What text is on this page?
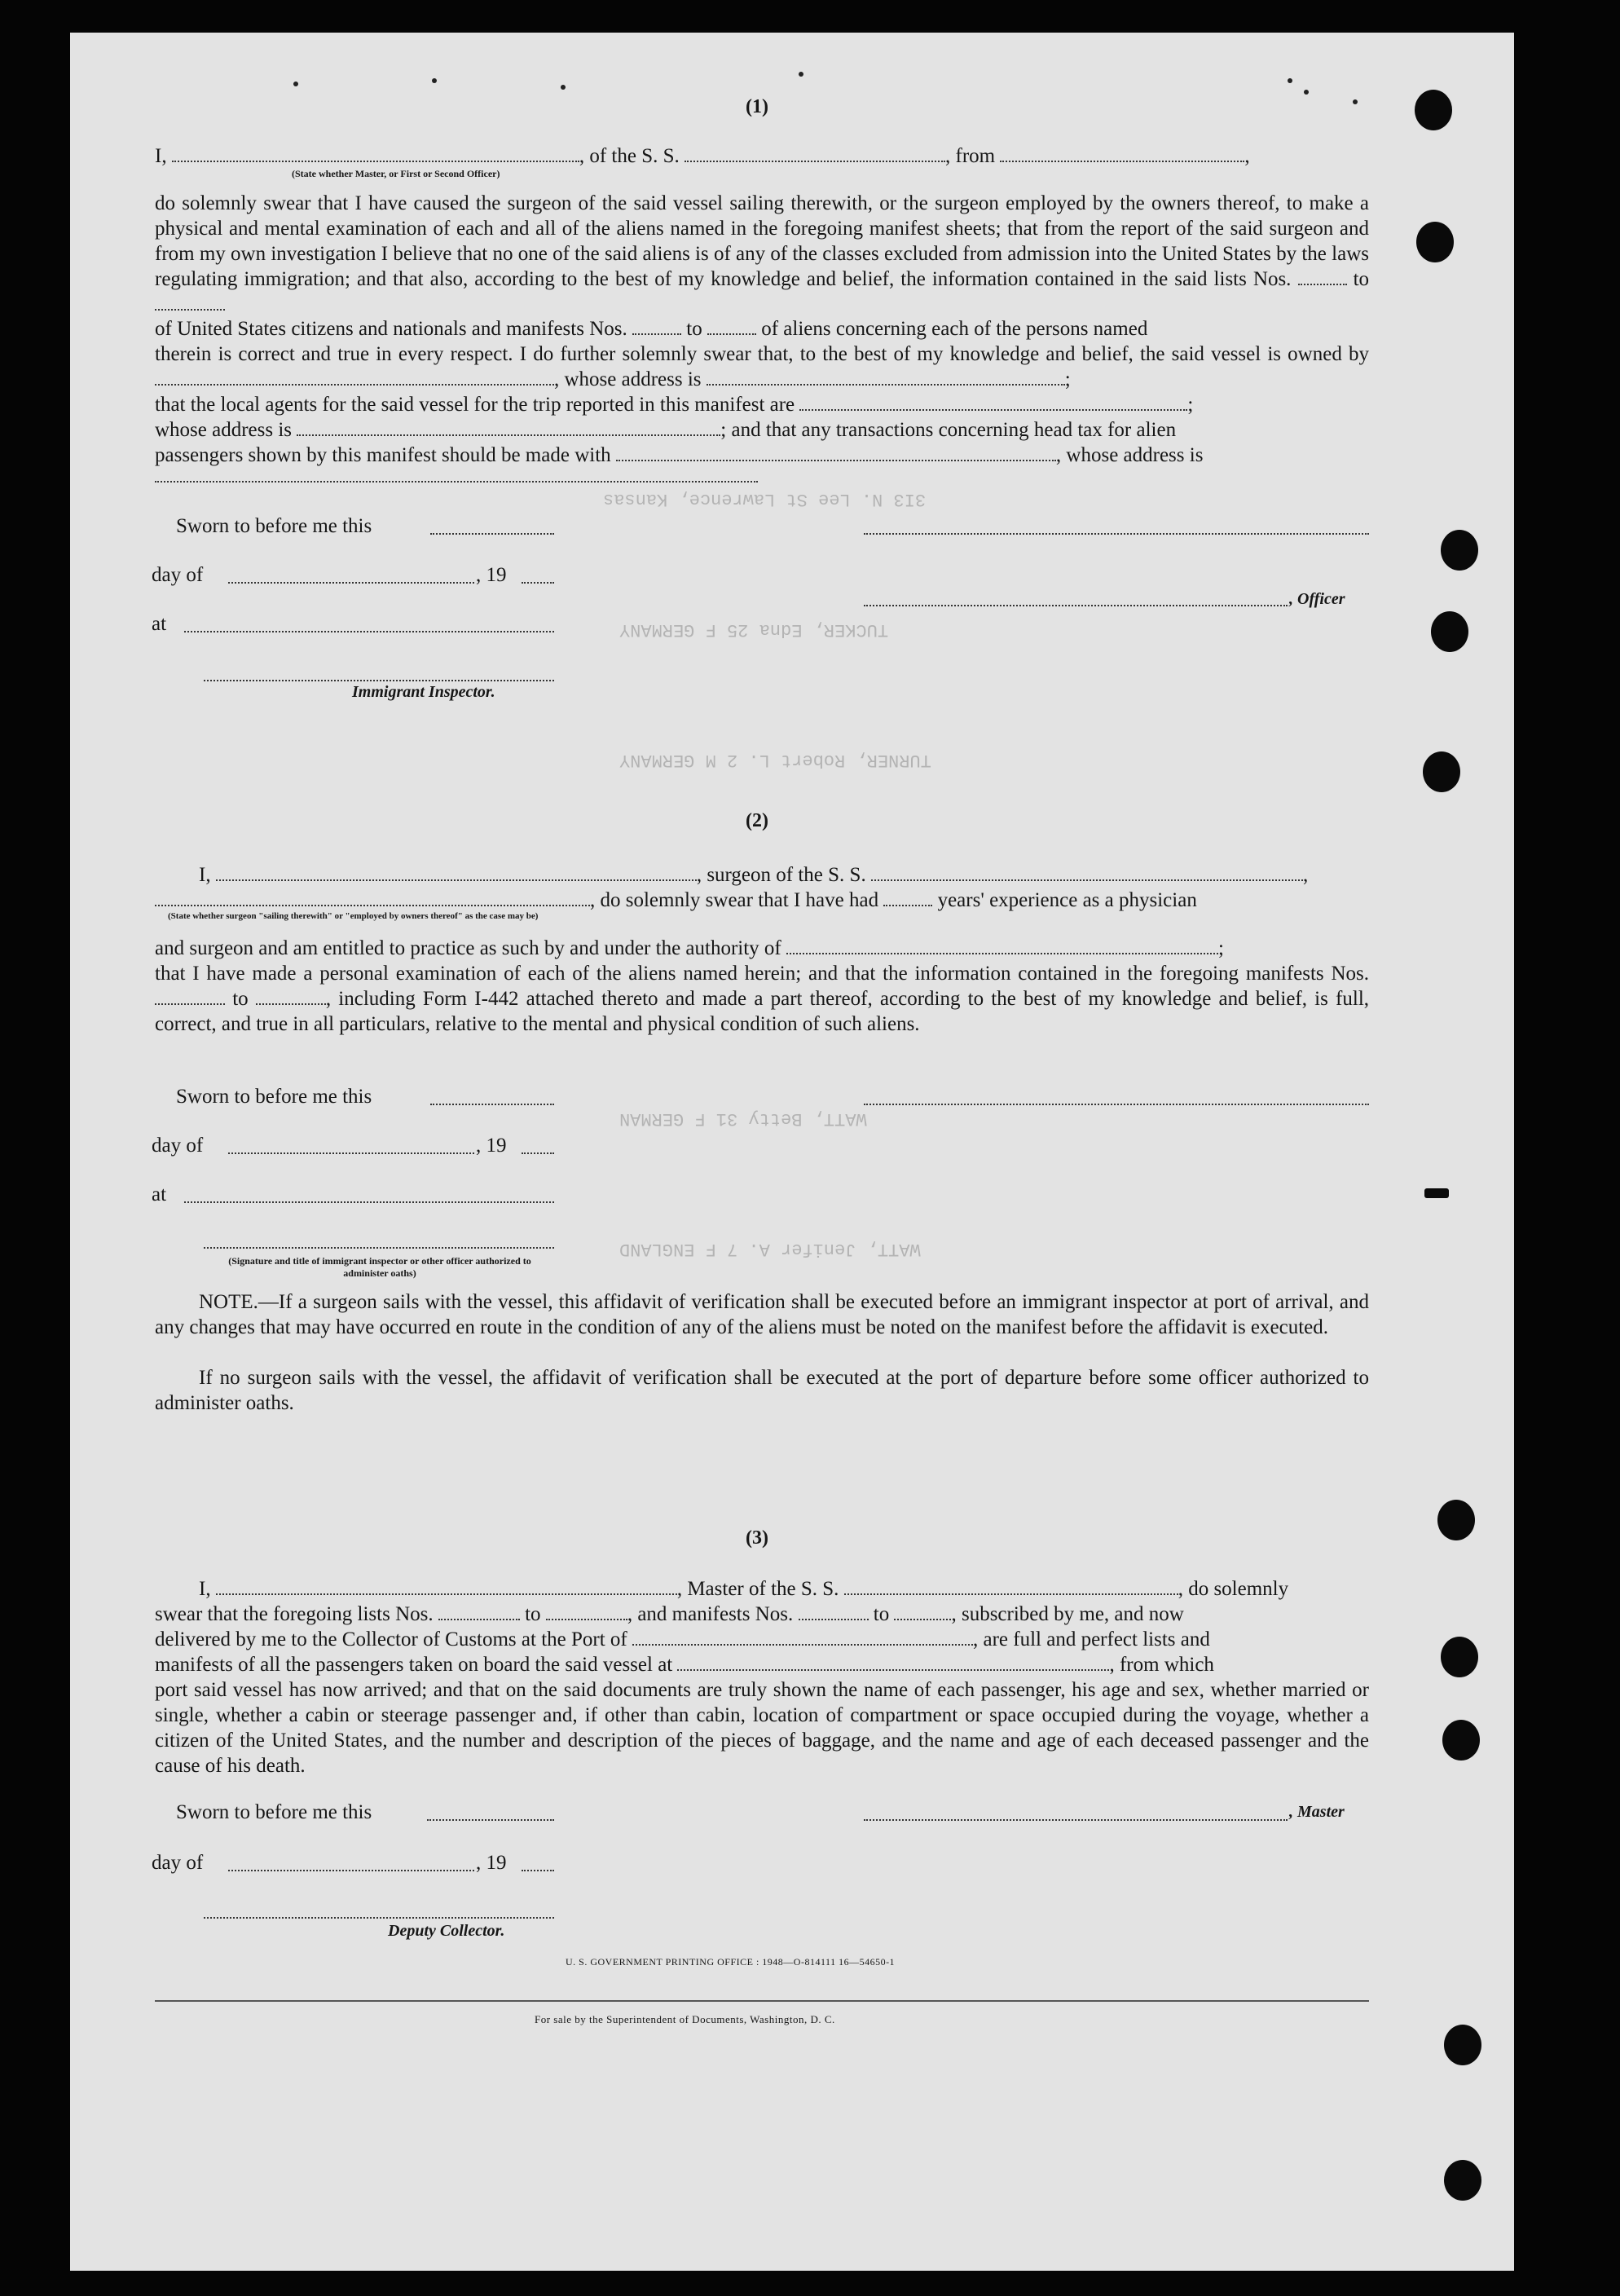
3I3 N. Lee St Lawrence, Kansas
TUCKER, Edna 25 F GERMANY
TURNER, Robert L. 2 M GERMANY
WATT, Betty 31 F GERMAN
WATT, Jenifer A. 7 F ENGLAND
(1)
I,	, of the S. S.	, from	,
(State whether Master, or First or Second Officer)
do solemnly swear that I have caused the surgeon of the said vessel sailing therewith, or the surgeon employed by the owners thereof, to make a physical and mental examination of each and all of the aliens named in the foregoing manifest sheets; that from the report of the said surgeon and from my own investigation I believe that no one of the said aliens is of any of the classes excluded from admission into the United States by the laws regulating immigration; and that also, according to the best of my knowledge and belief, the information contained in the said lists Nos.	to
of United States citizens and nationals and manifests Nos.	to	of aliens concerning each of the persons named
therein is correct and true in every respect. I do further solemnly swear that, to the best of my knowledge and belief, the said vessel is owned by , whose address is	;
that the local agents for the said vessel for the trip reported in this manifest are	;
whose address is	; and that any transactions concerning head tax for alien
passengers shown by this manifest should be made with	, whose address is
Sworn to before me this
day of	, 19
, Officer
at
Immigrant Inspector.
(2)
I,	, surgeon of the S. S.	,
, do solemnly swear that I have had	years' experience as a physician
(State whether surgeon "sailing therewith" or "employed by owners thereof" as the case may be)
and surgeon and am entitled to practice as such by and under the authority of	;
that I have made a personal examination of each of the aliens named herein; and that the information contained in the foregoing manifests Nos.  to	, including Form I-442 attached thereto and made a part thereof, according to the best of my knowledge and belief, is full, correct, and true in all particulars, relative to the mental and physical condition of such aliens.
Sworn to before me this
day of	, 19
at
(Signature and title of immigrant inspector or other officer authorized to administer oaths)
NOTE.—If a surgeon sails with the vessel, this affidavit of verification shall be executed before an immigrant inspector at port of arrival, and any changes that may have occurred en route in the condition of any of the aliens must be noted on the manifest before the affidavit is executed.
If no surgeon sails with the vessel, the affidavit of verification shall be executed at the port of departure before some officer authorized to administer oaths.
(3)
I,	, Master of the S. S.	, do solemnly
swear that the foregoing lists Nos.	to	, and manifests Nos.	to	, subscribed by me, and now
delivered by me to the Collector of Customs at the Port of	, are full and perfect lists and
manifests of all the passengers taken on board the said vessel at	, from which
port said vessel has now arrived; and that on the said documents are truly shown the name of each passenger, his age and sex, whether married or single, whether a cabin or steerage passenger and, if other than cabin, location of compartment or space occupied during the voyage, whether a citizen of the United States, and the number and description of the pieces of baggage, and the name and age of each deceased passenger and the cause of his death.
Sworn to before me this	, Master
day of	, 19
Deputy Collector.
U. S. GOVERNMENT PRINTING OFFICE : 1948—O-814111 16—54650-1
For sale by the Superintendent of Documents, Washington, D. C.
